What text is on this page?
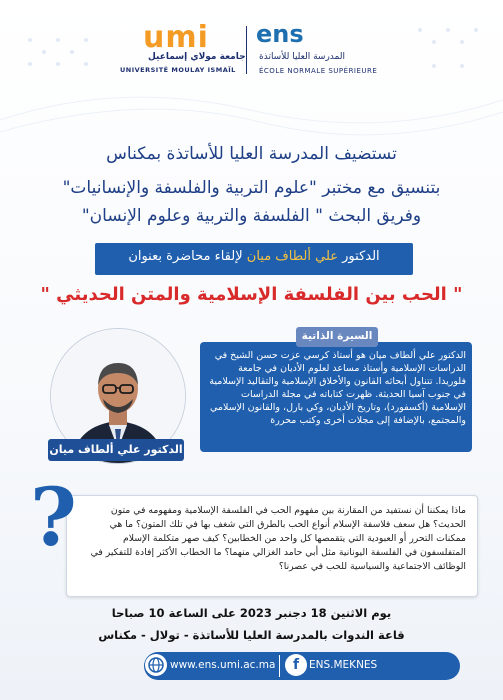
umi
جامعة مولاي إسماعيل
UNIVERSITÉ MOULAY ISMAÏL
ens
المدرسة العليا للأساتذة
ÉCOLE NORMALE SUPÉRIEURE
تستضيف المدرسة العليا للأساتذة بمكناس
بتنسيق مع مختبر "علوم التربية والفلسفة والإنسانيات"
وفريق البحث " الفلسفة والتربية وعلوم الإنسان"
الدكتور علي ألطاف ميان لإلقاء محاضرة بعنوان
" الحب بين الفلسفة الإسلامية والمتن الحديثي "
الدكتور علي ألطاف ميان
السيرة الذاتية
الدكتور علي ألطاف ميان هو أستاذ كرسي عزت حسن الشيخ في الدراسات الإسلامية وأستاذ مساعد لعلوم الأديان في جامعة فلوريدا. تتناول أبحاثه القانون والأخلاق الإسلامية والتقاليد الإسلامية في جنوب آسيا الحديثة. ظهرت كتاباته في مجلة الدراسات الإسلامية (أكسفورد)، وتاريخ الأديان، وكي بارل، والقانون الإسلامي والمجتمع، بالإضافة إلى مجلات أخرى وكتب محررة
?	ماذا يمكننا أن نستفيد من المقارنة بين مفهوم الحب في الفلسفة الإسلامية ومفهومه في متون الحديث؟ هل سعف فلاسفة الإسلام أنواع الحب بالطرق التي شغف بها في تلك المتون؟ ما هي ممكنات التحرر أو العبودية التي يتقمصها كل واحد من الخطابين؟ كيف صهر متكلمة الإسلام المتفلسفون في الفلسفة اليونانية مثل أبي حامد الغزالي منهما؟ ما الخطاب الأكثر إفادة للتفكير في الوظائف الاجتماعية والسياسية للحب في عصرنا؟
يوم الاثنين 18 دجنبر 2023 على الساعة 10 صباحا
قاعة الندوات بالمدرسة العليا للأساتذة - تولال - مكناس
www.ens.umi.ac.ma	f ENS.MEKNES
